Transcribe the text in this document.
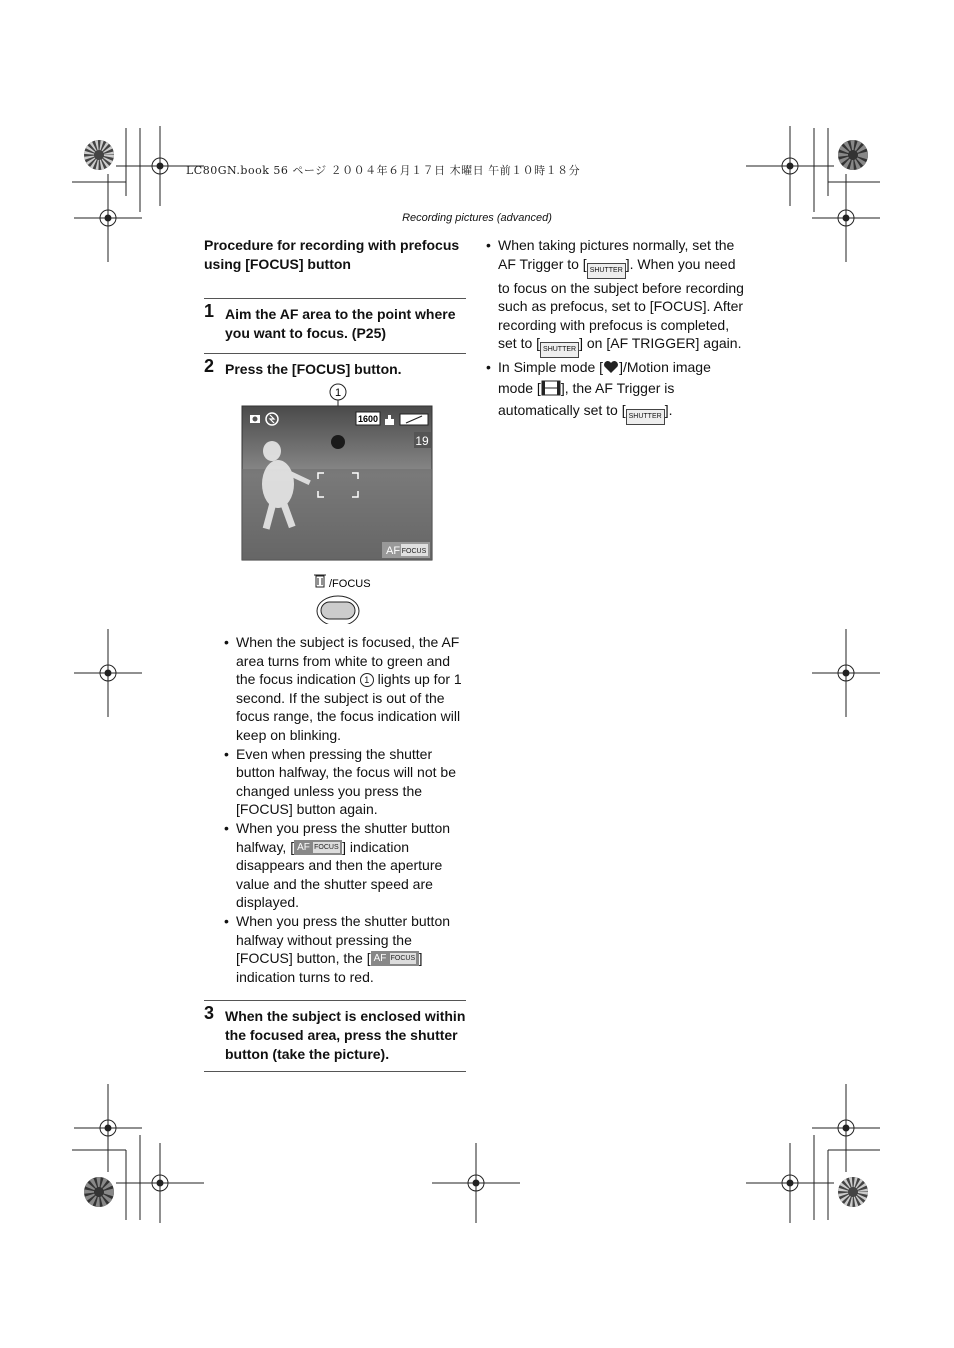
LC80GN.book 56 ページ ２００４年６月１７日 木曜日 午前１０時１８分
Recording pictures (advanced)
Procedure for recording with prefocus using [FOCUS] button
1 Aim the AF area to the point where you want to focus. (P25)
2 Press the [FOCUS] button.
1
1600
19
AF FOCUS
/FOCUS
• When the subject is focused, the AF area turns from white to green and the focus indication 1 lights up for 1 second. If the subject is out of the focus range, the focus indication will keep on blinking.
• Even when pressing the shutter button halfway, the focus will not be changed unless you press the [FOCUS] button again.
• When you press the shutter button halfway, [ AF FOCUS ] indication disappears and then the aperture value and the shutter speed are displayed.
• When you press the shutter button halfway without pressing the [FOCUS] button, the [ AF FOCUS ] indication turns to red.
3 When the subject is enclosed within the focused area, press the shutter button (take the picture).
• When taking pictures normally, set the AF Trigger to [ SHUTTER ]. When you need to focus on the subject before recording such as prefocus, set to [FOCUS]. After recording with prefocus is completed, set to [ SHUTTER ] on [AF TRIGGER] again.
• In Simple mode [ ]/Motion image mode [ ], the AF Trigger is automatically set to [ SHUTTER ].
